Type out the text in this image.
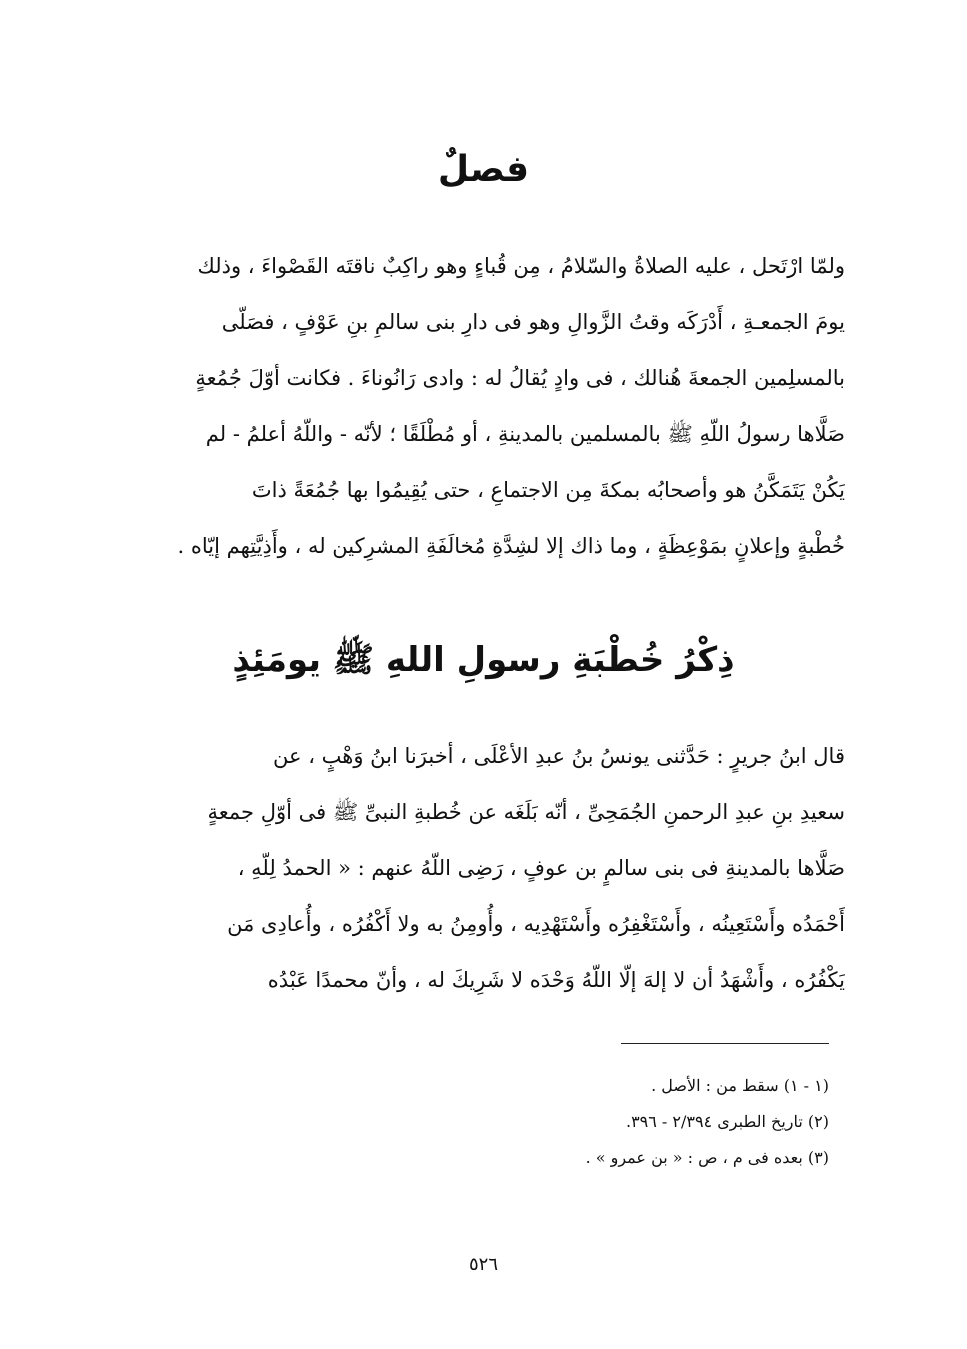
فصلٌ
ولمّا ارْتَحل ، عليه الصلاةُ والسّلامُ ، مِن قُباءٍ وهو راكِبٌ ناقتَه القَصْواءَ ، وذلك
يومَ الجمعـةِ ، أَدْرَكَه وقتُ الزَّوالِ وهو فى دارِ بنى سالمِ بنِ عَوْفٍ ، فصَلّى
بالمسلِمين الجمعةَ هُنالك ، فى وادٍ يُقالُ له : وادى رَانُوناءَ . فكانت أوّلَ جُمُعةٍ
صَلَّاها رسولُ اللّهِ ﷺ بالمسلمين بالمدينةِ ، أو مُطْلَقًا ؛ لأنّه - واللّهُ أعلمُ - لم
يَكُنْ يَتَمَكَّنُ هو وأصحابُه بمكةَ مِن الاجتماعِ ، حتى يُقِيمُوا بها جُمُعَةً ذاتَ
خُطْبةٍ وإعلانٍ بمَوْعِظَةٍ ، وما ذاك إلا لشِدَّةِ مُخالَفَةِ المشرِكين له ، وأَذِيَّتِهم إيّاه .
ذِكْرُ خُطْبَةِ رسولِ اللهِ ﷺ يومَئِذٍ
قال ابنُ جريرٍ : حَدَّثنى يونسُ بنُ عبدِ الأعْلَى ، أخبرَنا ابنُ وَهْبٍ ، عن
سعيدِ بنِ عبدِ الرحمنِ الجُمَحِىِّ ، أنّه بَلَغَه عن خُطبةِ النبىِّ ﷺ فى أوّلِ جمعةٍ
صَلَّاها بالمدينةِ فى بنى سالمٍ بن عوفٍ ، رَضِى اللّهُ عنهم : « الحمدُ لِلّهِ ،
أَحْمَدُه وأَسْتَعِينُه ، وأَسْتَغْفِرُه وأَسْتَهْدِيه ، وأُومِنُ به ولا أَكْفُرُه ، وأُعادِى مَن
يَكْفُرُه ، وأَشْهَدُ أن لا إلهَ إلّا اللّهُ وَحْدَه لا شَرِيكَ له ، وأنّ محمدًا عَبْدُه
(١ - ١) سقط من : الأصل .
(٢) تاريخ الطبرى ٢/٣٩٤ - ٣٩٦.
(٣) بعده فى م ، ص : « بن عمرو » .
٥٢٦
